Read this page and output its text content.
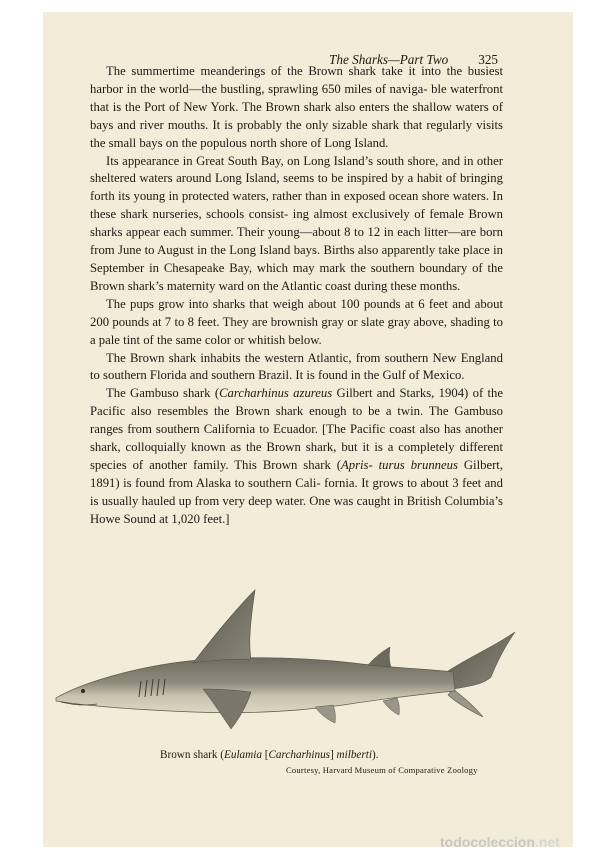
The Sharks—Part Two 325

The summertime meanderings of the Brown shark take it into the busiest harbor in the world—the bustling, sprawling 650 miles of naviga- ble waterfront that is the Port of New York. The Brown shark also enters the shallow waters of bays and river mouths. It is probably the only sizable shark that regularly visits the small bays on the populous north shore of Long Island.

Its appearance in Great South Bay, on Long Island’s south shore, and in other sheltered waters around Long Island, seems to be inspired by a habit of bringing forth its young in protected waters, rather than in exposed ocean shore waters. In these shark nurseries, schools consist- ing almost exclusively of female Brown sharks appear each summer. Their young—about 8 to 12 in each litter—are born from June to August in the Long Island bays. Births also apparently take place in September in Chesapeake Bay, which may mark the southern boundary of the Brown shark’s maternity ward on the Atlantic coast during these months.

The pups grow into sharks that weigh about 100 pounds at 6 feet and about 200 pounds at 7 to 8 feet. They are brownish gray or slate gray above, shading to a pale tint of the same color or whitish below.

The Brown shark inhabits the western Atlantic, from southern New England to southern Florida and southern Brazil. It is found in the Gulf of Mexico.

The Gambuso shark (Carcharhinus azureus Gilbert and Starks, 1904) of the Pacific also resembles the Brown shark enough to be a twin. The Gambuso ranges from southern California to Ecuador. [The Pacific coast also has another shark, colloquially known as the Brown shark, but it is a completely different species of another family. This Brown shark (Apris- turus brunneus Gilbert, 1891) is found from Alaska to southern Cali- fornia. It grows to about 3 feet and is usually hauled up from very deep water. One was caught in British Columbia’s Howe Sound at 1,020 feet.]

Brown shark (Eulamia [Carcharhinus] milberti).
Courtesy, Harvard Museum of Comparative Zoology
todocoleccion.net
